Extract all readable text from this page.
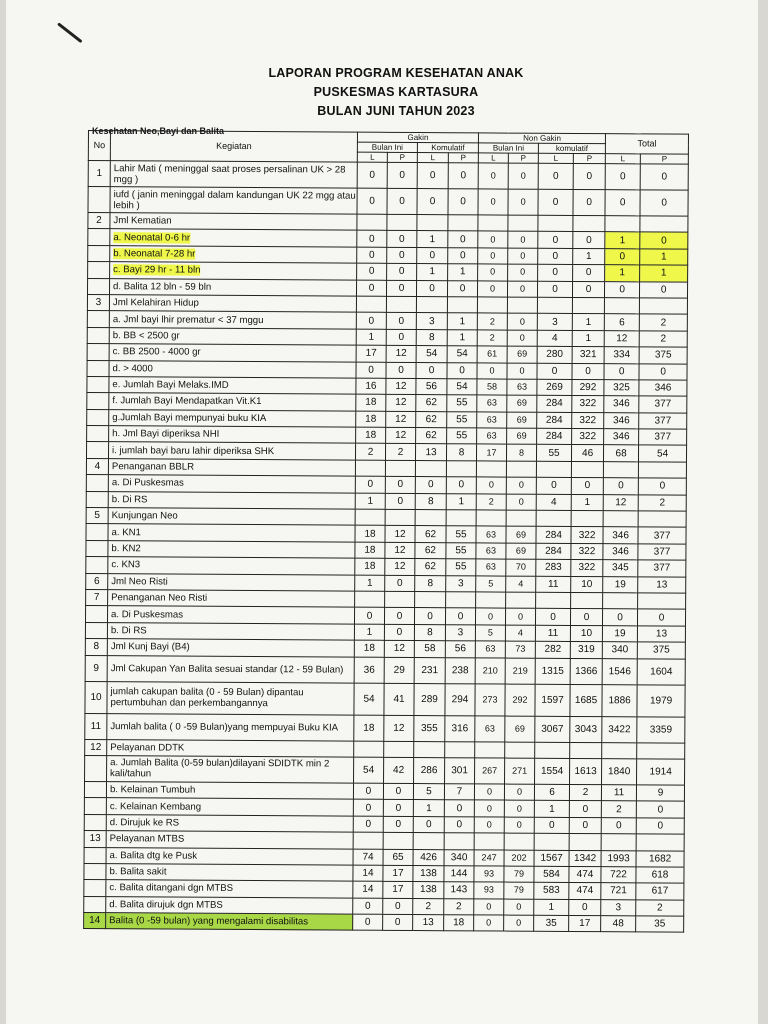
LAPORAN PROGRAM KESEHATAN ANAK
PUSKESMAS KARTASURA
BULAN JUNI TAHUN 2023
Kesehatan Neo,Bayi dan Balita
No	Kegiatan	Gakin				Non Gakin				Total	
		Bulan Ini		Komulatif		Bulan Ini		komulatif			
		L	P	L	P	L	P	L	P	L	P
1	Lahir Mati ( meninggal saat proses persalinan UK > 28 mgg )	0	0	0	0	0	0	0	0	0	0
	iufd ( janin meninggal dalam kandungan UK 22 mgg atau lebih )	0	0	0	0	0	0	0	0	0	0
2	Jml Kematian										
	a. Neonatal 0-6 hr	0	0	1	0	0	0	0	0	1	0
	b. Neonatal 7-28 hr	0	0	0	0	0	0	0	1	0	1
	c. Bayi 29 hr - 11 bln	0	0	1	1	0	0	0	0	1	1
	d. Balita 12 bln - 59 bln	0	0	0	0	0	0	0	0	0	0
3	Jml Kelahiran Hidup										
	a. Jml bayi lhir prematur < 37 mggu	0	0	3	1	2	0	3	1	6	2
	b. BB < 2500 gr	1	0	8	1	2	0	4	1	12	2
	c. BB 2500 - 4000 gr	17	12	54	54	61	69	280	321	334	375
	d. > 4000	0	0	0	0	0	0	0	0	0	0
	e. Jumlah Bayi Melaks.IMD	16	12	56	54	58	63	269	292	325	346
	f. Jumlah Bayi Mendapatkan Vit.K1	18	12	62	55	63	69	284	322	346	377
	g.Jumlah Bayi mempunyai buku KIA	18	12	62	55	63	69	284	322	346	377
	h. Jml Bayi diperiksa NHI	18	12	62	55	63	69	284	322	346	377
	i. jumlah bayi baru lahir diperiksa SHK	2	2	13	8	17	8	55	46	68	54
4	Penanganan BBLR										
	a. Di Puskesmas	0	0	0	0	0	0	0	0	0	0
	b. Di RS	1	0	8	1	2	0	4	1	12	2
5	Kunjungan Neo										
	a. KN1	18	12	62	55	63	69	284	322	346	377
	b. KN2	18	12	62	55	63	69	284	322	346	377
	c. KN3	18	12	62	55	63	70	283	322	345	377
6	Jml Neo Risti	1	0	8	3	5	4	11	10	19	13
7	Penanganan Neo Risti										
	a. Di Puskesmas	0	0	0	0	0	0	0	0	0	0
	b. Di RS	1	0	8	3	5	4	11	10	19	13
8	Jml Kunj Bayi (B4)	18	12	58	56	63	73	282	319	340	375
9	Jml Cakupan Yan Balita sesuai standar (12 - 59 Bulan)	36	29	231	238	210	219	1315	1366	1546	1604
10	jumlah cakupan balita (0 - 59 Bulan) dipantau pertumbuhan dan perkembangannya	54	41	289	294	273	292	1597	1685	1886	1979
11	Jumlah balita ( 0 -59 Bulan)yang mempuyai Buku KIA	18	12	355	316	63	69	3067	3043	3422	3359
12	Pelayanan DDTK										
	a. Jumlah Balita (0-59 bulan)dilayani SDIDTK min 2 kali/tahun	54	42	286	301	267	271	1554	1613	1840	1914
	b. Kelainan Tumbuh	0	0	5	7	0	0	6	2	11	9
	c. Kelainan Kembang	0	0	1	0	0	0	1	0	2	0
	d. Dirujuk ke RS	0	0	0	0	0	0	0	0	0	0
13	Pelayanan MTBS										
	a. Balita dtg ke Pusk	74	65	426	340	247	202	1567	1342	1993	1682
	b. Balita sakit	14	17	138	144	93	79	584	474	722	618
	c. Balita ditangani dgn MTBS	14	17	138	143	93	79	583	474	721	617
	d. Balita dirujuk dgn MTBS	0	0	2	2	0	0	1	0	3	2
14	Balita (0 -59 bulan) yang mengalami disabilitas	0	0	13	18	0	0	35	17	48	35
